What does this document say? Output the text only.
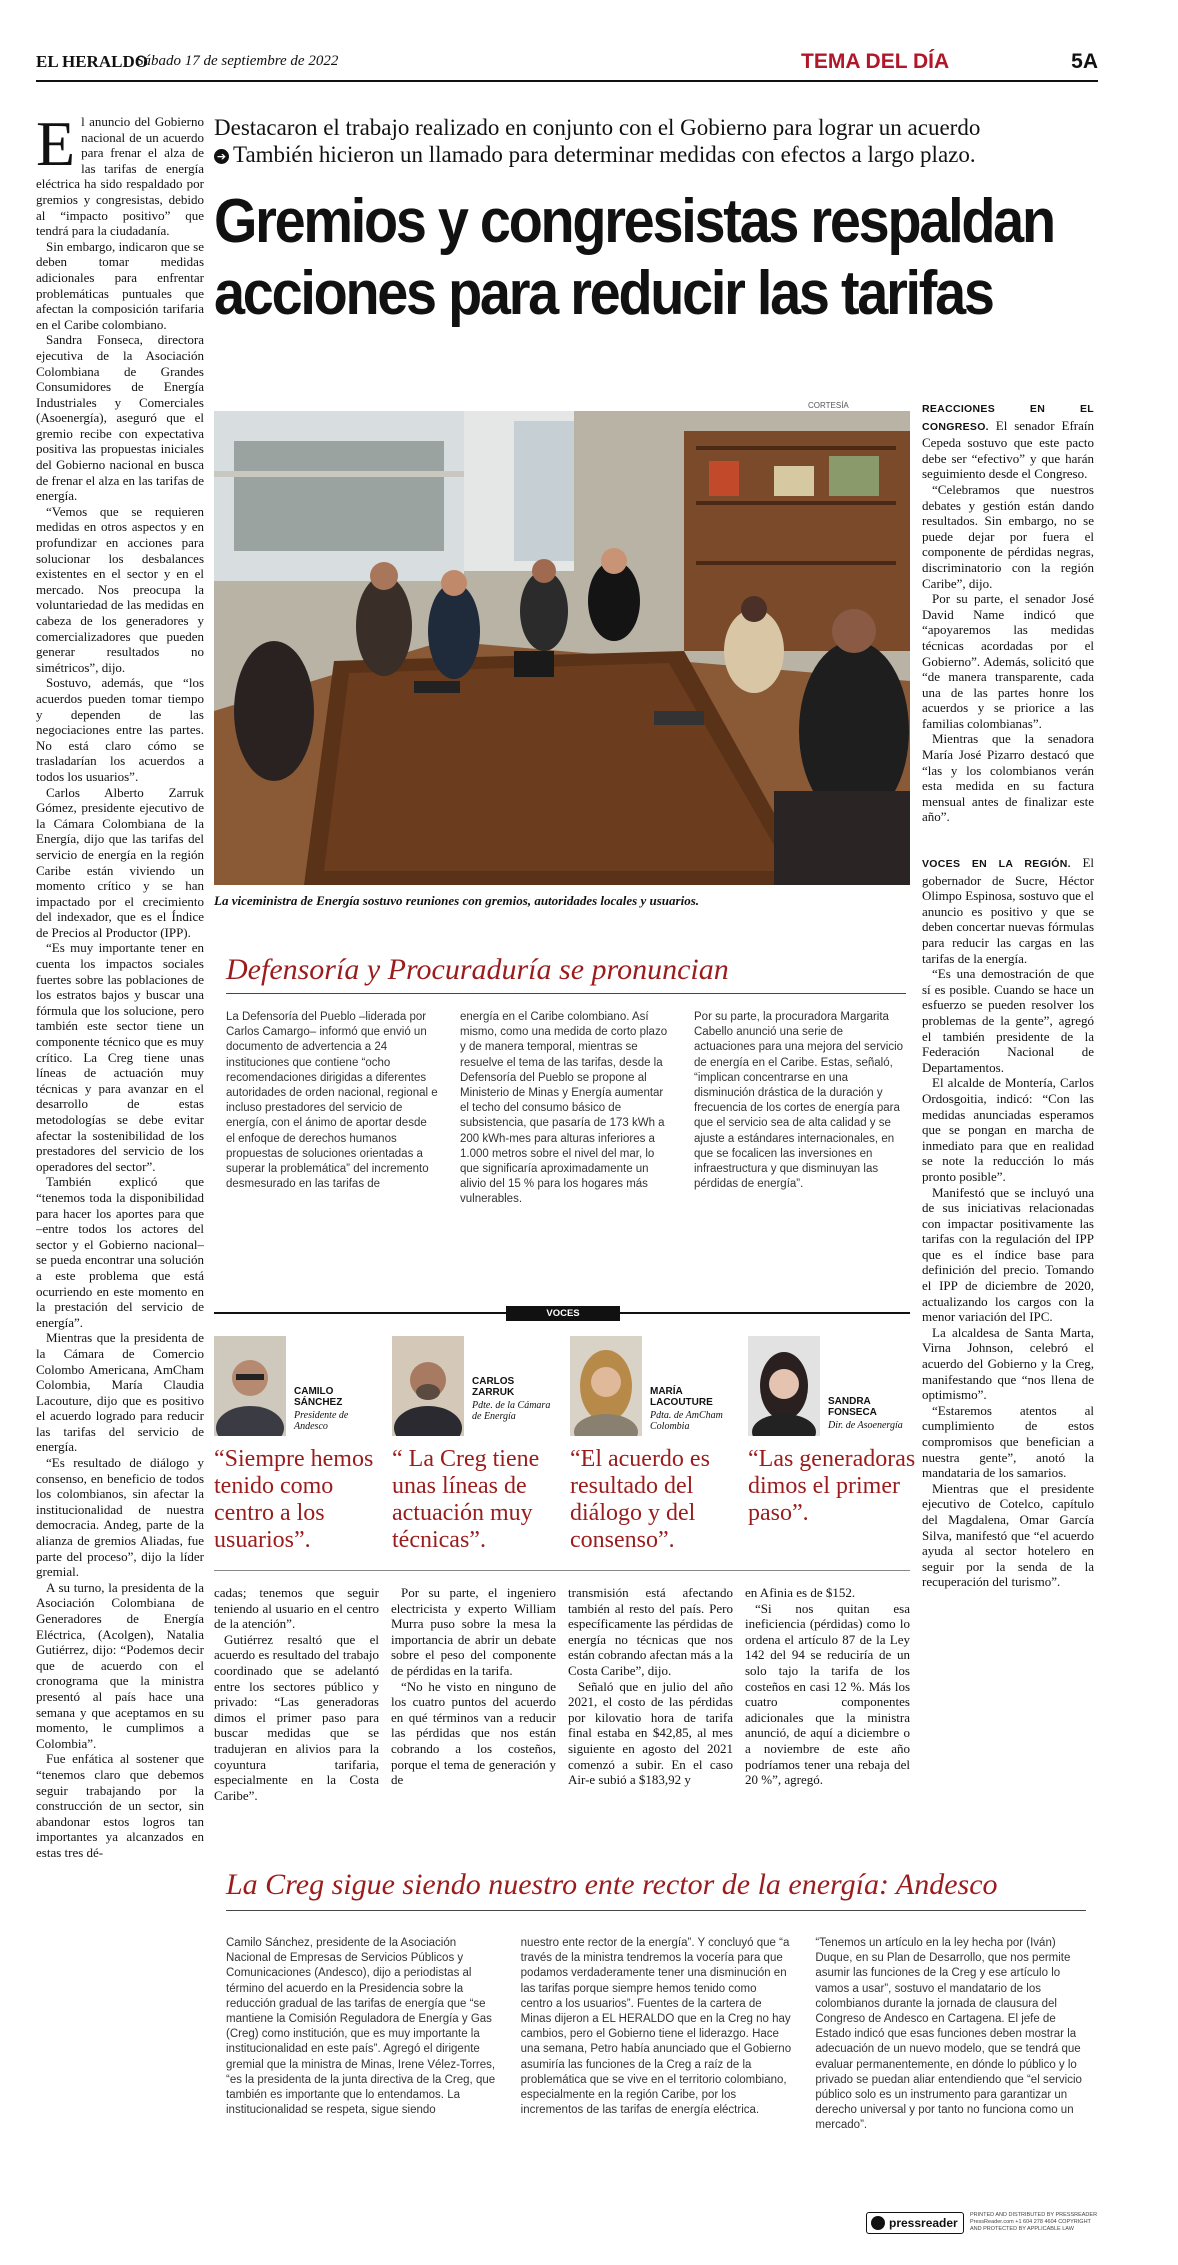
EL HERALDO
Sábado 17 de septiembre de 2022	TEMA DEL DÍA	5A

El anuncio del Gobierno nacional de un acuerdo para frenar el alza de las tarifas de energía eléctrica ha sido respaldado por gremios y congresistas, debido al “impacto positivo” que tendrá para la ciudadanía.

Sin embargo, indicaron que se deben tomar medidas adicionales para enfrentar problemáticas puntuales que afectan la composición tarifaria en el Caribe colombiano.

Sandra Fonseca, directora ejecutiva de la Asociación Colombiana de Grandes Consumidores de Energía Industriales y Comerciales (Asoenergía), aseguró que el gremio recibe con expectativa positiva las propuestas iniciales del Gobierno nacional en busca de frenar el alza en las tarifas de energía.

“Vemos que se requieren medidas en otros aspectos y en profundizar en acciones para solucionar los desbalances existentes en el sector y en el mercado. Nos preocupa la voluntariedad de las medidas en cabeza de los generadores y comercializadores que pueden generar resultados no simétricos”, dijo.

Sostuvo, además, que “los acuerdos pueden tomar tiempo y dependen de las negociaciones entre las partes. No está claro cómo se trasladarían los acuerdos a todos los usuarios”.

Carlos Alberto Zarruk Gómez, presidente ejecutivo de la Cámara Colombiana de la Energía, dijo que las tarifas del servicio de energía en la región Caribe están viviendo un momento crítico y se han impactado por el crecimiento del indexador, que es el Índice de Precios al Productor (IPP).

“Es muy importante tener en cuenta los impactos sociales fuertes sobre las poblaciones de los estratos bajos y buscar una fórmula que los solucione, pero también este sector tiene un componente técnico que es muy crítico. La Creg tiene unas líneas de actuación muy técnicas y para avanzar en el desarrollo de estas metodologías se debe evitar afectar la sostenibilidad de los prestadores del servicio de los operadores del sector”.

También explicó que “tenemos toda la disponibilidad para hacer los aportes para que –entre todos los actores del sector y el Gobierno nacional– se pueda encontrar una solución a este problema que está ocurriendo en este momento en la prestación del servicio de energía”.

Mientras que la presidenta de la Cámara de Comercio Colombo Americana, AmCham Colombia, María Claudia Lacouture, dijo que es positivo el acuerdo logrado para reducir las tarifas del servicio de energía.

“Es resultado de diálogo y consenso, en beneficio de todos los colombianos, sin afectar la institucionalidad de nuestra democracia. Andeg, parte de la alianza de gremios Aliadas, fue parte del proceso”, dijo la líder gremial.

A su turno, la presidenta de la Asociación Colombiana de Generadores de Energía Eléctrica, (Acolgen), Natalia Gutiérrez, dijo: “Podemos decir que de acuerdo con el cronograma que la ministra presentó al país hace una semana y que aceptamos en su momento, le cumplimos a Colombia”.

Fue enfática al sostener que “tenemos claro que debemos seguir trabajando por la construcción de un sector, sin abandonar estos logros tan importantes ya alcanzados en estas tres dé-

Destacaron el trabajo realizado en conjunto con el Gobierno para lograr un acuerdo
➔ También hicieron un llamado para determinar medidas con efectos a largo plazo.
Gremios y congresistas respaldan
acciones para reducir las tarifas
CORTESÍA
La viceministra de Energía sostuvo reuniones con gremios, autoridades locales y usuarios.

REACCIONES EN EL CONGRESO. El senador Efraín Cepeda sostuvo que este pacto debe ser “efectivo” y que harán seguimiento desde el Congreso.

“Celebramos que nuestros debates y gestión están dando resultados. Sin embargo, no se puede dejar por fuera el componente de pérdidas negras, discriminatorio con la región Caribe”, dijo.

Por su parte, el senador José David Name indicó que “apoyaremos las medidas técnicas acordadas por el Gobierno”. Además, solicitó que “de manera transparente, cada una de las partes honre los acuerdos y se priorice a las familias colombianas”.

Mientras que la senadora María José Pizarro destacó que “las y los colombianos verán esta medida en su factura mensual antes de finalizar este año”.

VOCES EN LA REGIÓN. El gobernador de Sucre, Héctor Olimpo Espinosa, sostuvo que el anuncio es positivo y que se deben concertar nuevas fórmulas para reducir las cargas en las tarifas de la energía.

“Es una demostración de que sí es posible. Cuando se hace un esfuerzo se pueden resolver los problemas de la gente”, agregó el también presidente de la Federación Nacional de Departamentos.

El alcalde de Montería, Carlos Ordosgoitia, indicó: “Con las medidas anunciadas esperamos que se pongan en marcha de inmediato para que en realidad se note la reducción lo más pronto posible”.

Manifestó que se incluyó una de sus iniciativas relacionadas con impactar positivamente las tarifas con la regulación del IPP que es el índice base para definición del precio. Tomando el IPP de diciembre de 2020, actualizando los cargos con la menor variación del IPC.

La alcaldesa de Santa Marta, Virna Johnson, celebró el acuerdo del Gobierno y la Creg, manifestando que “nos llena de optimismo”.

“Estaremos atentos al cumplimiento de estos compromisos que benefician a nuestra gente”, anotó la mandataria de los samarios.

Mientras que el presidente ejecutivo de Cotelco, capítulo del Magdalena, Omar García Silva, manifestó que “el acuerdo ayuda al sector hotelero en seguir por la senda de la recuperación del turismo”.

Defensoría y Procuraduría se pronuncian
La Defensoría del Pueblo –liderada por Carlos Camargo– informó que envió un documento de advertencia a 24 instituciones que contiene “ocho recomendaciones dirigidas a diferentes autoridades de orden nacional, regional e incluso prestadores del servicio de energía, con el ánimo de aportar desde el enfoque de derechos humanos propuestas de soluciones orientadas a superar la problemática” del incremento desmesurado en las tarifas de
energía en el Caribe colombiano. Así mismo, como una medida de corto plazo y de manera temporal, mientras se resuelve el tema de las tarifas, desde la Defensoría del Pueblo se propone al Ministerio de Minas y Energía aumentar el techo del consumo básico de subsistencia, que pasaría de 173 kWh a 200 kWh-mes para alturas inferiores a 1.000 metros sobre el nivel del mar, lo que significaría aproximadamente un alivio del 15 % para los hogares más vulnerables.
Por su parte, la procuradora Margarita Cabello anunció una serie de actuaciones para una mejora del servicio de energía en el Caribe. Estas, señaló, “implican concentrarse en una disminución drástica de la duración y frecuencia de los cortes de energía para que el servicio sea de alta calidad y se ajuste a estándares internacionales, en que se focalicen las inversiones en infraestructura y que disminuyan las pérdidas de energía”.
VOCES
CAMILO
SÁNCHEZ
Presidente de Andesco
“Siempre hemos tenido como centro a los usuarios”.
CARLOS
ZARRUK
Pdte. de la Cámara de Energía
“ La Creg tiene unas líneas de actuación muy técnicas”.
MARÍA
LACOUTURE
Pdta. de AmCham Colombia
“El acuerdo es resultado del diálogo y del consenso”.
SANDRA
FONSECA
Dir. de Asoenergía
“Las generadoras dimos el primer paso”.

cadas; tenemos que seguir teniendo al usuario en el centro de la atención”.

Gutiérrez resaltó que el acuerdo es resultado del trabajo coordinado que se adelantó entre los sectores público y privado: “Las generadoras dimos el primer paso para buscar medidas que se tradujeran en alivios para la coyuntura tarifaria, especialmente en la Costa Caribe”.

Por su parte, el ingeniero electricista y experto William Murra puso sobre la mesa la importancia de abrir un debate sobre el peso del componente de pérdidas en la tarifa.

“No he visto en ninguno de los cuatro puntos del acuerdo en qué términos van a reducir las pérdidas que nos están cobrando a los costeños, porque el tema de generación y de

transmisión está afectando también al resto del país. Pero específicamente las pérdidas de energía no técnicas que nos están cobrando afectan más a la Costa Caribe”, dijo.

Señaló que en julio del año 2021, el costo de las pérdidas por kilovatio hora de tarifa final estaba en $42,85, al mes siguiente en agosto del 2021 comenzó a subir. En el caso Air-e subió a $183,92 y

en Afinia es de $152.

“Si nos quitan esa ineficiencia (pérdidas) como lo ordena el artículo 87 de la Ley 142 del 94 se reduciría de un solo tajo la tarifa de los costeños en casi 12 %. Más los cuatro componentes adicionales que la ministra anunció, de aquí a diciembre o a noviembre de este año podríamos tener una rebaja del 20 %”, agregó.

La Creg sigue siendo nuestro ente rector de la energía: Andesco
Camilo Sánchez, presidente de la Asociación Nacional de Empresas de Servicios Públicos y Comunicaciones (Andesco), dijo a periodistas al término del acuerdo en la Presidencia sobre la reducción gradual de las tarifas de energía que “se mantiene la Comisión Reguladora de Energía y Gas (Creg) como institución, que es muy importante la institucionalidad en este país”. Agregó el dirigente gremial que la ministra de Minas, Irene Vélez-Torres, “es la presidenta de la junta directiva de la Creg, que también es importante que lo entendamos. La institucionalidad se respeta, sigue siendo
nuestro ente rector de la energía”. Y concluyó que “a través de la ministra tendremos la vocería para que podamos verdaderamente tener una disminución en las tarifas porque siempre hemos tenido como centro a los usuarios”. Fuentes de la cartera de Minas dijeron a EL HERALDO que en la Creg no hay cambios, pero el Gobierno tiene el liderazgo. Hace una semana, Petro había anunciado que el Gobierno asumiría las funciones de la Creg a raíz de la problemática que se vive en el territorio colombiano, especialmente en la región Caribe, por los incrementos de las tarifas de energía eléctrica.
“Tenemos un artículo en la ley hecha por (Iván) Duque, en su Plan de Desarrollo, que nos permite asumir las funciones de la Creg y ese artículo lo vamos a usar”, sostuvo el mandatario de los colombianos durante la jornada de clausura del Congreso de Andesco en Cartagena. El jefe de Estado indicó que esas funciones deben mostrar la adecuación de un nuevo modelo, que se tendrá que evaluar permanentemente, en dónde lo público y lo privado se puedan aliar entendiendo que “el servicio público solo es un instrumento para garantizar un derecho universal y por tanto no funciona como un mercado”.
pressreader
PRINTED AND DISTRIBUTED BY PRESSREADER PressReader.com +1 604 278 4604 COPYRIGHT AND PROTECTED BY APPLICABLE LAW
